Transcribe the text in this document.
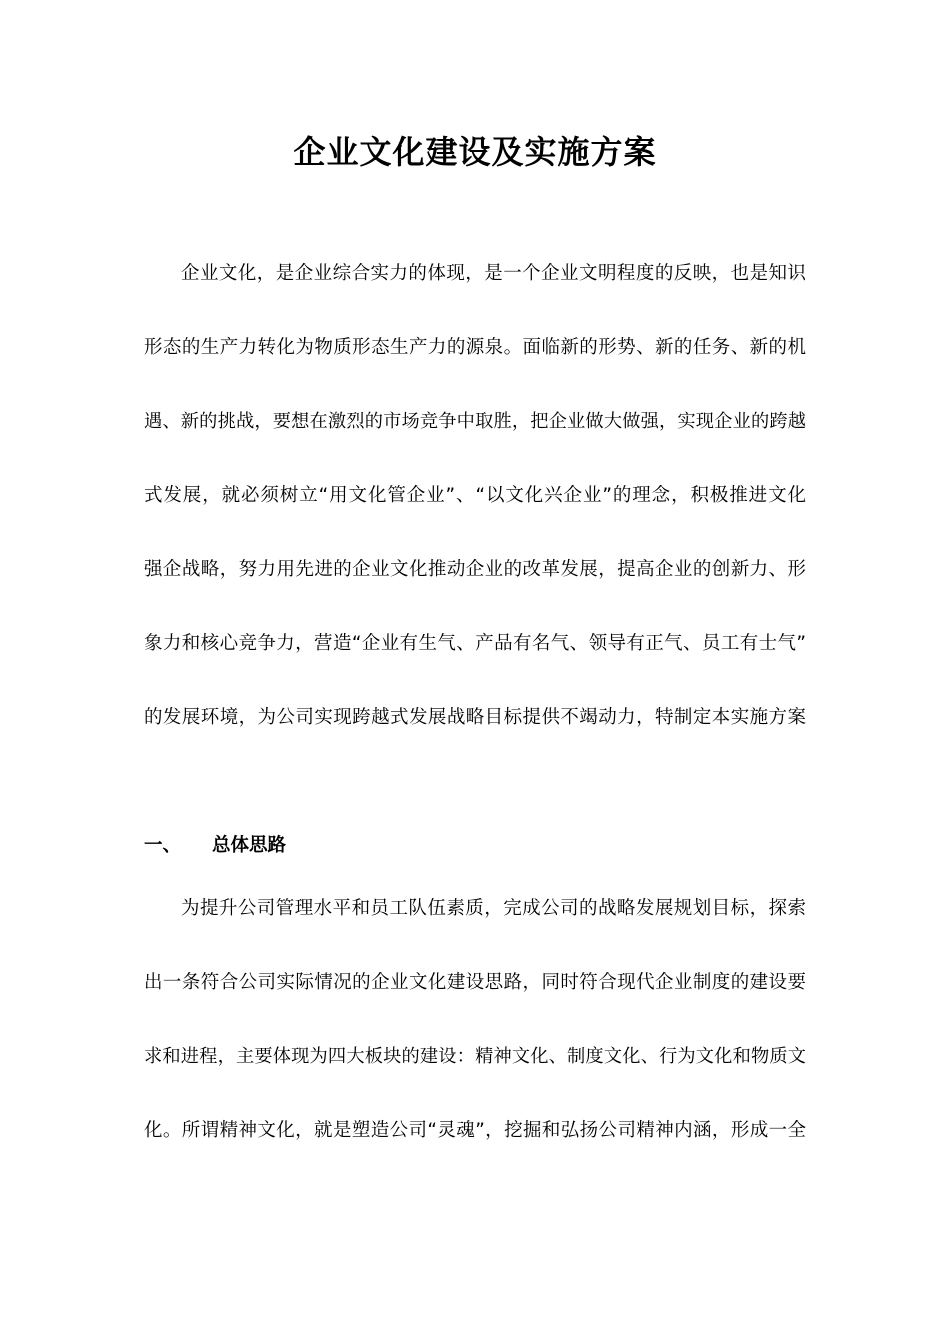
企业文化建设及实施方案
企业文化，是企业综合实力的体现，是一个企业文明程度的反映，也是知识
形态的生产力转化为物质形态生产力的源泉。面临新的形势、新的任务、新的机
遇、新的挑战，要想在激烈的市场竞争中取胜，把企业做大做强，实现企业的跨越
式发展，就必须树立“用文化管企业”、“以文化兴企业”的理念，积极推进文化
强企战略，努力用先进的企业文化推动企业的改革发展，提高企业的创新力、形
象力和核心竞争力，营造“企业有生气、产品有名气、领导有正气、员工有士气”
的发展环境，为公司实现跨越式发展战略目标提供不竭动力，特制定本实施方案
一、 总体思路
为提升公司管理水平和员工队伍素质，完成公司的战略发展规划目标，探索
出一条符合公司实际情况的企业文化建设思路，同时符合现代企业制度的建设要
求和进程，主要体现为四大板块的建设：精神文化、制度文化、行为文化和物质文
化。所谓精神文化，就是塑造公司“灵魂”，挖掘和弘扬公司精神内涵，形成一全
